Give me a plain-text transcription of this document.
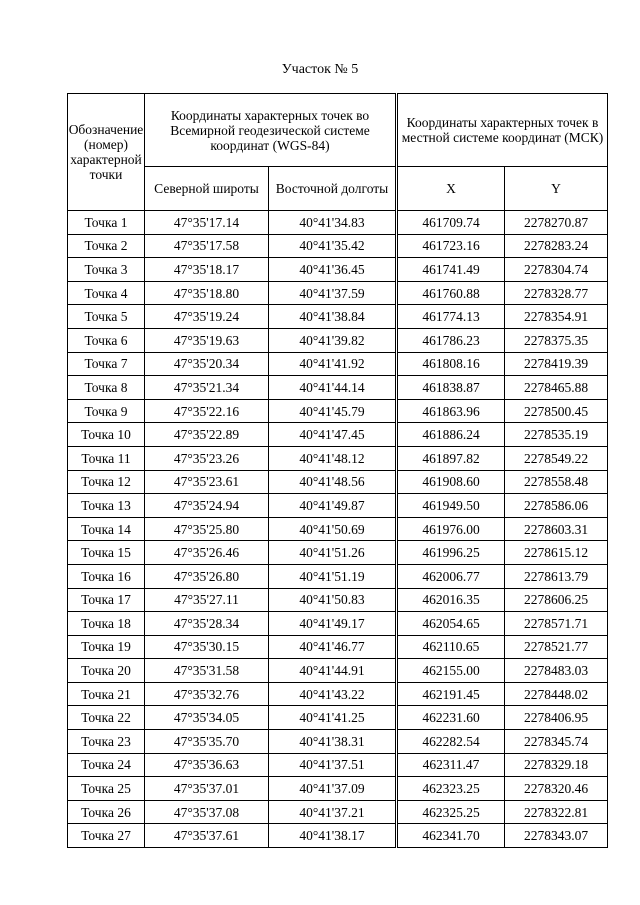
Участок № 5
Обозначение (номер) характерной точки	Координаты характерных точек во Всемирной геодезической системе координат (WGS-84)			Координаты характерных точек в местной системе координат (МСК)	
	Северной широты	Восточной долготы		X	Y
Точка 1	47°35'17.14	40°41'34.83		461709.74	2278270.87
Точка 2	47°35'17.58	40°41'35.42		461723.16	2278283.24
Точка 3	47°35'18.17	40°41'36.45		461741.49	2278304.74
Точка 4	47°35'18.80	40°41'37.59		461760.88	2278328.77
Точка 5	47°35'19.24	40°41'38.84		461774.13	2278354.91
Точка 6	47°35'19.63	40°41'39.82		461786.23	2278375.35
Точка 7	47°35'20.34	40°41'41.92		461808.16	2278419.39
Точка 8	47°35'21.34	40°41'44.14		461838.87	2278465.88
Точка 9	47°35'22.16	40°41'45.79		461863.96	2278500.45
Точка 10	47°35'22.89	40°41'47.45		461886.24	2278535.19
Точка 11	47°35'23.26	40°41'48.12		461897.82	2278549.22
Точка 12	47°35'23.61	40°41'48.56		461908.60	2278558.48
Точка 13	47°35'24.94	40°41'49.87		461949.50	2278586.06
Точка 14	47°35'25.80	40°41'50.69		461976.00	2278603.31
Точка 15	47°35'26.46	40°41'51.26		461996.25	2278615.12
Точка 16	47°35'26.80	40°41'51.19		462006.77	2278613.79
Точка 17	47°35'27.11	40°41'50.83		462016.35	2278606.25
Точка 18	47°35'28.34	40°41'49.17		462054.65	2278571.71
Точка 19	47°35'30.15	40°41'46.77		462110.65	2278521.77
Точка 20	47°35'31.58	40°41'44.91		462155.00	2278483.03
Точка 21	47°35'32.76	40°41'43.22		462191.45	2278448.02
Точка 22	47°35'34.05	40°41'41.25		462231.60	2278406.95
Точка 23	47°35'35.70	40°41'38.31		462282.54	2278345.74
Точка 24	47°35'36.63	40°41'37.51		462311.47	2278329.18
Точка 25	47°35'37.01	40°41'37.09		462323.25	2278320.46
Точка 26	47°35'37.08	40°41'37.21		462325.25	2278322.81
Точка 27	47°35'37.61	40°41'38.17		462341.70	2278343.07
